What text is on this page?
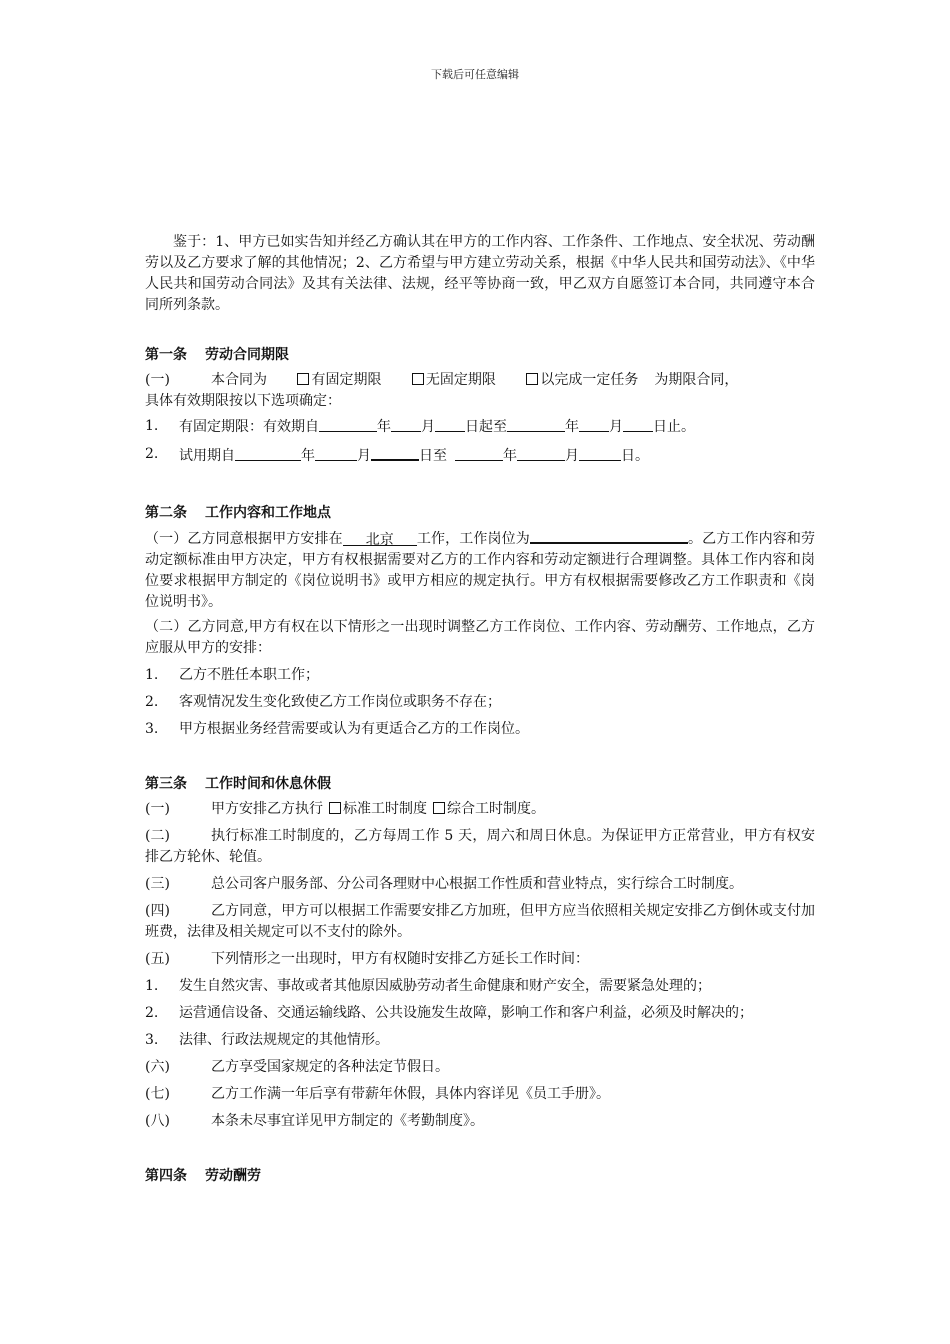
下载后可任意编辑

鉴于：1、甲方已如实告知并经乙方确认其在甲方的工作内容、工作条件、工作地点、安全状况、劳动酬劳以及乙方要求了解的其他情况；2、乙方希望与甲方建立劳动关系，根据《中华人民共和国劳动法》、《中华人民共和国劳动合同法》及其有关法律、法规，经平等协商一致，甲乙双方自愿签订本合同，共同遵守本合同所列条款。

第一条 劳动合同期限

(一)	本合同为	有固定期限	无固定期限	以完成一定任务 为期限合同，

具体有效期限按以下选项确定：

1.	有固定期限：有效期自	年 月 日起至	年 月 日止。
2.	试用期自	年	月	日至	年	月	日。

第二条 工作内容和工作地点

（一）乙方同意根据甲方安排在 北京 工作，工作岗位为	。乙方工作内容和劳动定额标准由甲方决定，甲方有权根据需要对乙方的工作内容和劳动定额进行合理调整。具体工作内容和岗位要求根据甲方制定的《岗位说明书》或甲方相应的规定执行。甲方有权根据需要修改乙方工作职责和《岗位说明书》。

（二）乙方同意,甲方有权在以下情形之一出现时调整乙方工作岗位、工作内容、劳动酬劳、工作地点，乙方应服从甲方的安排：

1.	乙方不胜任本职工作；
2.	客观情况发生变化致使乙方工作岗位或职务不存在；
3.	甲方根据业务经营需要或认为有更适合乙方的工作岗位。

第三条 工作时间和休息休假

(一)	甲方安排乙方执行 标准工时制度 综合工时制度。
(二)	执行标准工时制度的，乙方每周工作 5 天，周六和周日休息。为保证甲方正常营业，甲方有权安排乙方轮休、轮值。
(三)	总公司客户服务部、分公司各理财中心根据工作性质和营业特点，实行综合工时制度。
(四)	乙方同意，甲方可以根据工作需要安排乙方加班，但甲方应当依照相关规定安排乙方倒休或支付加班费，法律及相关规定可以不支付的除外。
(五)	下列情形之一出现时，甲方有权随时安排乙方延长工作时间：
1.	发生自然灾害、事故或者其他原因威胁劳动者生命健康和财产安全，需要紧急处理的；
2.	运营通信设备、交通运输线路、公共设施发生故障，影响工作和客户利益，必须及时解决的；
3.	法律、行政法规规定的其他情形。
(六)	乙方享受国家规定的各种法定节假日。
(七)	乙方工作满一年后享有带薪年休假，具体内容详见《员工手册》。
(八)	本条未尽事宜详见甲方制定的《考勤制度》。

第四条 劳动酬劳
